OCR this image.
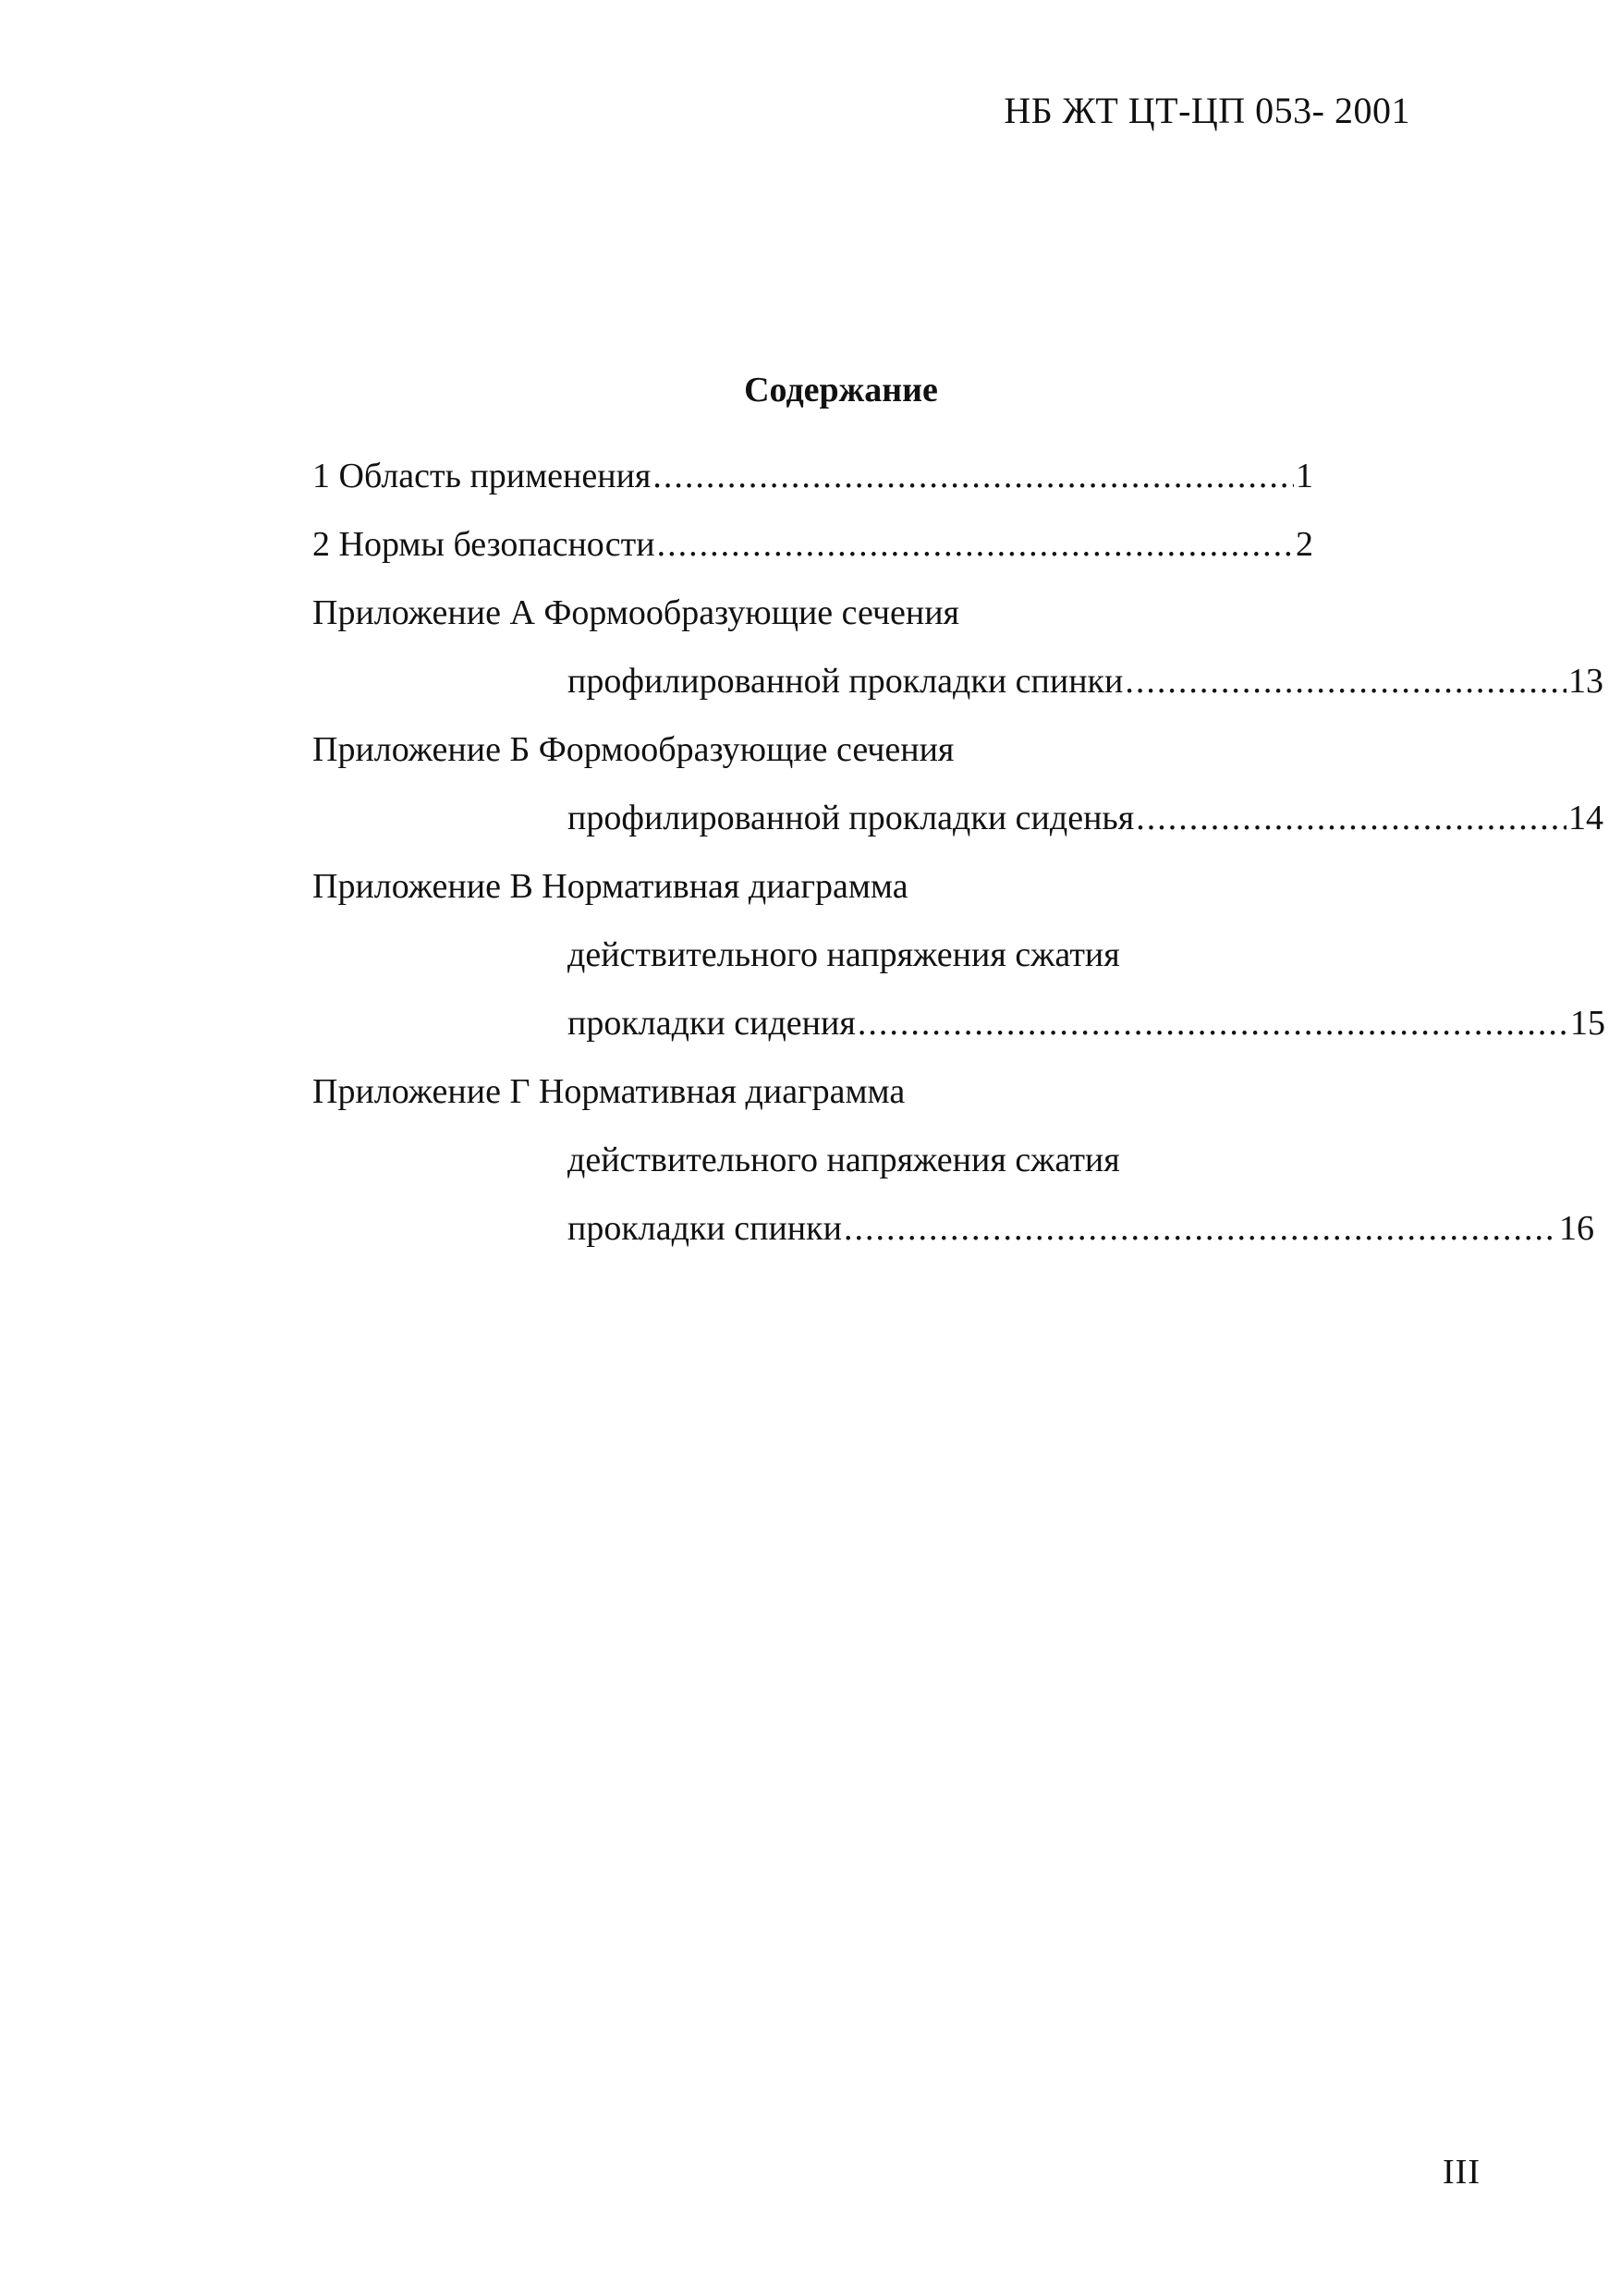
НБ ЖТ ЦТ-ЦП 053- 2001
Содержание
1 Область применения .....	1
2 Нормы безопасности .....	2
Приложение А Формообразующие сечения
профилированной прокладки спинки .....	13
Приложение Б Формообразующие сечения
профилированной прокладки сиденья .....	14
Приложение В Нормативная диаграмма
действительного напряжения сжатия
прокладки сидения .....	15
Приложение Г Нормативная диаграмма
действительного напряжения сжатия
прокладки спинки .....	16
III
